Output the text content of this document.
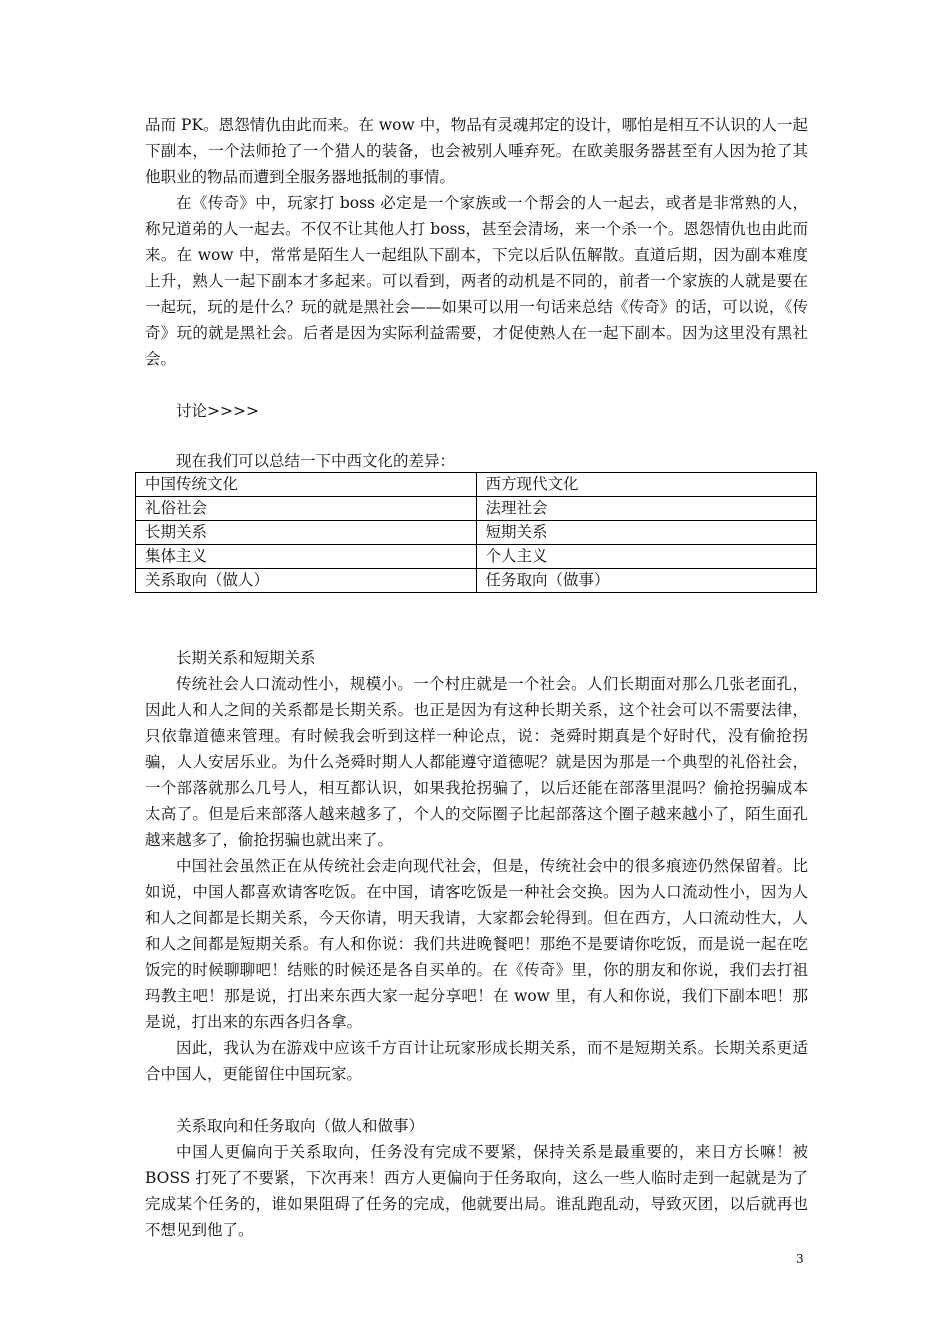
品而 PK。恩怨情仇由此而来。在 wow 中，物品有灵魂邦定的设计，哪怕是相互不认识的人一起下副本，一个法师抢了一个猎人的装备，也会被别人唾弃死。在欧美服务器甚至有人因为抢了其他职业的物品而遭到全服务器地抵制的事情。

在《传奇》中，玩家打 boss 必定是一个家族或一个帮会的人一起去，或者是非常熟的人，称兄道弟的人一起去。不仅不让其他人打 boss，甚至会清场，来一个杀一个。恩怨情仇也由此而来。在 wow 中，常常是陌生人一起组队下副本，下完以后队伍解散。直道后期，因为副本难度上升，熟人一起下副本才多起来。可以看到，两者的动机是不同的，前者一个家族的人就是要在一起玩，玩的是什么？玩的就是黑社会——如果可以用一句话来总结《传奇》的话，可以说，《传奇》玩的就是黑社会。后者是因为实际利益需要，才促使熟人在一起下副本。因为这里没有黑社会。

讨论>>>>

现在我们可以总结一下中西文化的差异：

中国传统文化	西方现代文化
礼俗社会	法理社会
长期关系	短期关系
集体主义	个人主义
关系取向（做人）	任务取向（做事）

长期关系和短期关系

传统社会人口流动性小，规模小。一个村庄就是一个社会。人们长期面对那么几张老面孔，因此人和人之间的关系都是长期关系。也正是因为有这种长期关系，这个社会可以不需要法律，只依靠道德来管理。有时候我会听到这样一种论点，说：尧舜时期真是个好时代，没有偷抢拐骗，人人安居乐业。为什么尧舜时期人人都能遵守道德呢？就是因为那是一个典型的礼俗社会，一个部落就那么几号人，相互都认识，如果我抢拐骗了，以后还能在部落里混吗？偷抢拐骗成本太高了。但是后来部落人越来越多了，个人的交际圈子比起部落这个圈子越来越小了，陌生面孔越来越多了，偷抢拐骗也就出来了。

中国社会虽然正在从传统社会走向现代社会，但是，传统社会中的很多痕迹仍然保留着。比如说，中国人都喜欢请客吃饭。在中国，请客吃饭是一种社会交换。因为人口流动性小，因为人和人之间都是长期关系，今天你请，明天我请，大家都会轮得到。但在西方，人口流动性大，人和人之间都是短期关系。有人和你说：我们共进晚餐吧！那绝不是要请你吃饭，而是说一起在吃饭完的时候聊聊吧！结账的时候还是各自买单的。在《传奇》里，你的朋友和你说，我们去打祖玛教主吧！那是说，打出来东西大家一起分享吧！在 wow 里，有人和你说，我们下副本吧！那是说，打出来的东西各归各拿。

因此，我认为在游戏中应该千方百计让玩家形成长期关系，而不是短期关系。长期关系更适合中国人，更能留住中国玩家。

关系取向和任务取向（做人和做事）

中国人更偏向于关系取向，任务没有完成不要紧，保持关系是最重要的，来日方长嘛！被 BOSS 打死了不要紧，下次再来！西方人更偏向于任务取向，这么一些人临时走到一起就是为了完成某个任务的，谁如果阻碍了任务的完成，他就要出局。谁乱跑乱动，导致灭团，以后就再也不想见到他了。

3
